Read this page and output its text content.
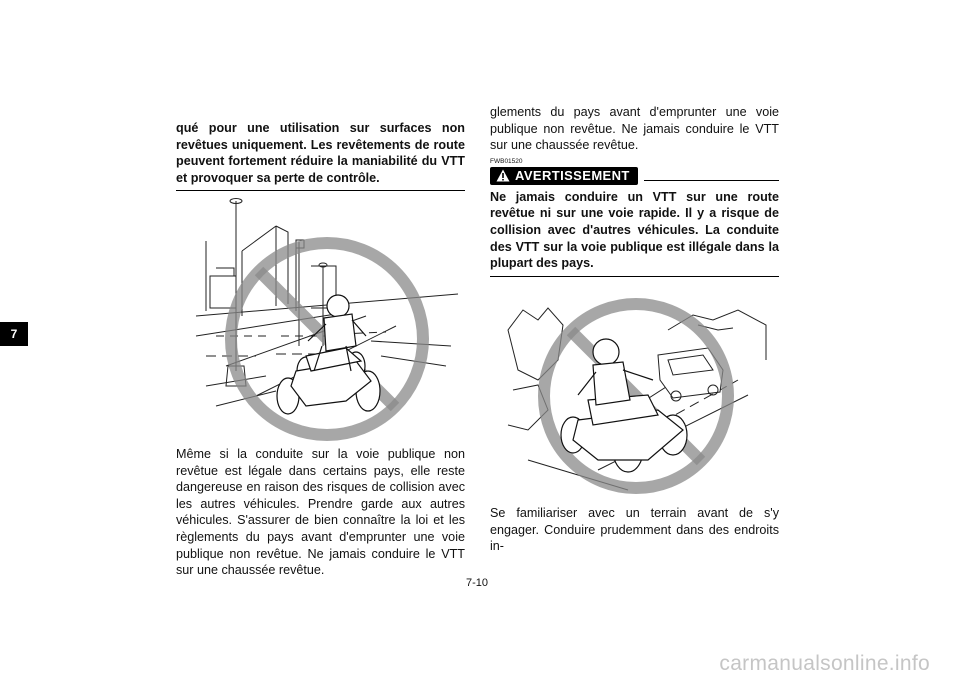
7

qué pour une utilisation sur surfaces non revêtues uniquement. Les revêtements de route peuvent fortement réduire la maniabilité du VTT et provoquer sa perte de contrôle.

Même si la conduite sur la voie publique non revêtue est légale dans certains pays, elle reste dangereuse en raison des risques de collision avec les autres véhicules. Prendre garde aux autres véhicules. S'assurer de bien connaître la loi et les règlements du pays avant d'emprunter une voie publique non revêtue. Ne jamais conduire le VTT sur une chaussée revêtue.

glements du pays avant d'emprunter une voie publique non revêtue. Ne jamais conduire le VTT sur une chaussée revêtue.

FWB01520
AVERTISSEMENT

Ne jamais conduire un VTT sur une route revêtue ni sur une voie rapide. Il y a risque de collision avec d'autres véhicules. La conduite des VTT sur la voie publique est illégale dans la plupart des pays.

Se familiariser avec un terrain avant de s'y engager. Conduire prudemment dans des endroits in-

7-10
carmanualsonline.info
